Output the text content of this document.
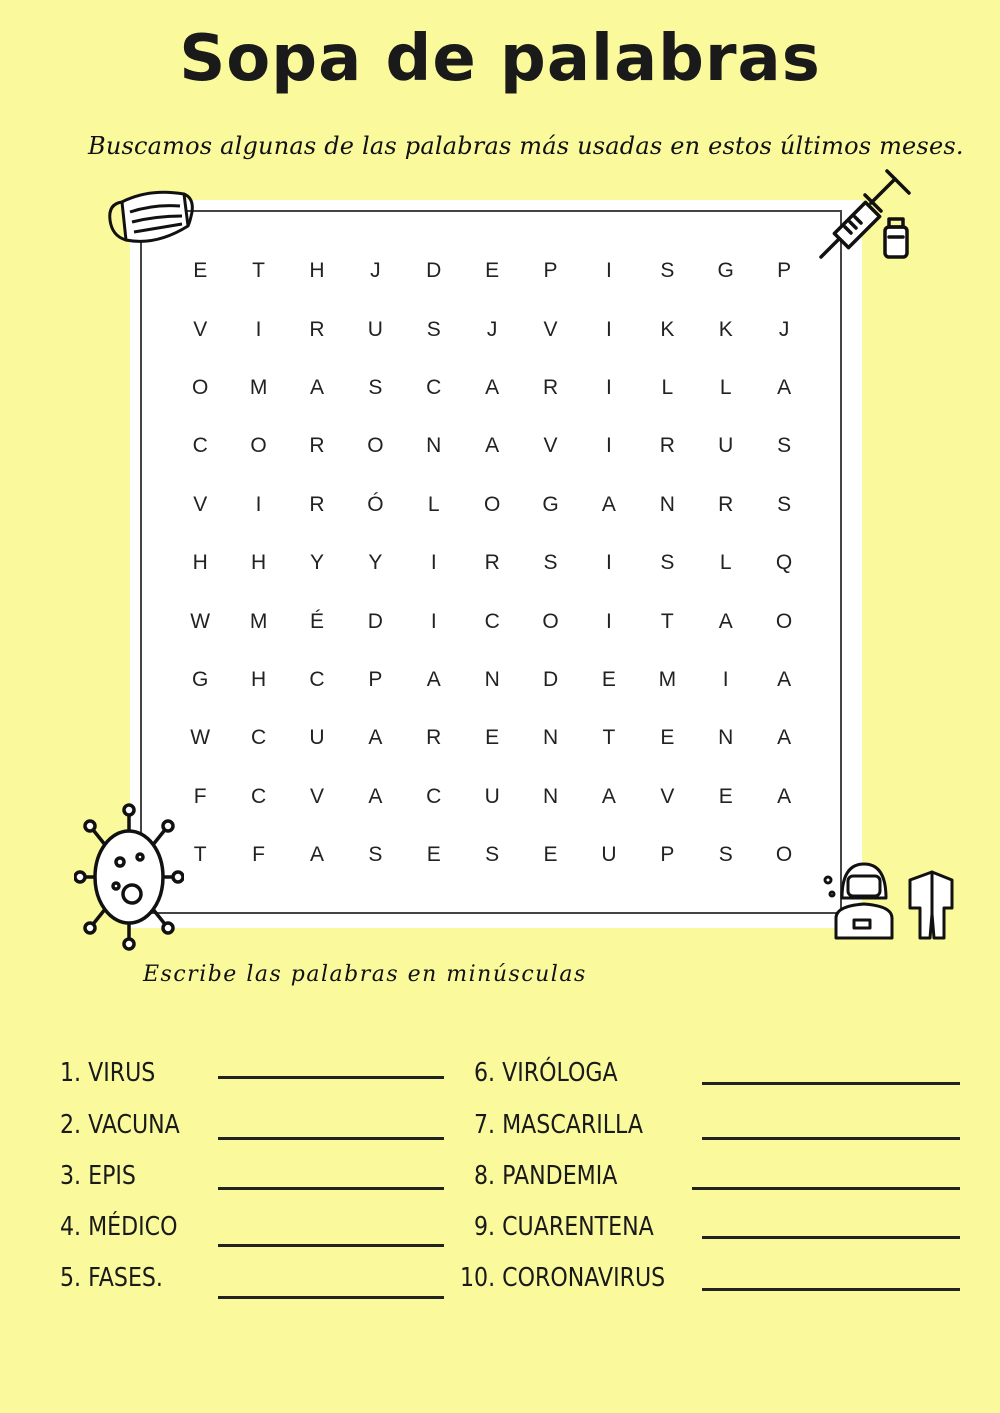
Sopa de palabras
Buscamos algunas de las palabras más usadas en estos últimos meses.
E	T	H	J	D	E	P	I	S	G	P
V	I	R	U	S	J	V	I	K	K	J
O	M	A	S	C	A	R	I	L	L	A
C	O	R	O	N	A	V	I	R	U	S
V	I	R	Ó	L	O	G	A	N	R	S
H	H	Y	Y	I	R	S	I	S	L	Q
W	M	É	D	I	C	O	I	T	A	O
G	H	C	P	A	N	D	E	M	I	A
W	C	U	A	R	E	N	T	E	N	A
F	C	V	A	C	U	N	A	V	E	A
T	F	A	S	E	S	E	U	P	S	O
Escribe las palabras en minúsculas
1. VIRUS
2. VACUNA
3. EPIS
4. MÉDICO
5. FASES.
6. VIRÓLOGA
7. MASCARILLA
8. PANDEMIA
9. CUARENTENA
10. CORONAVIRUS
